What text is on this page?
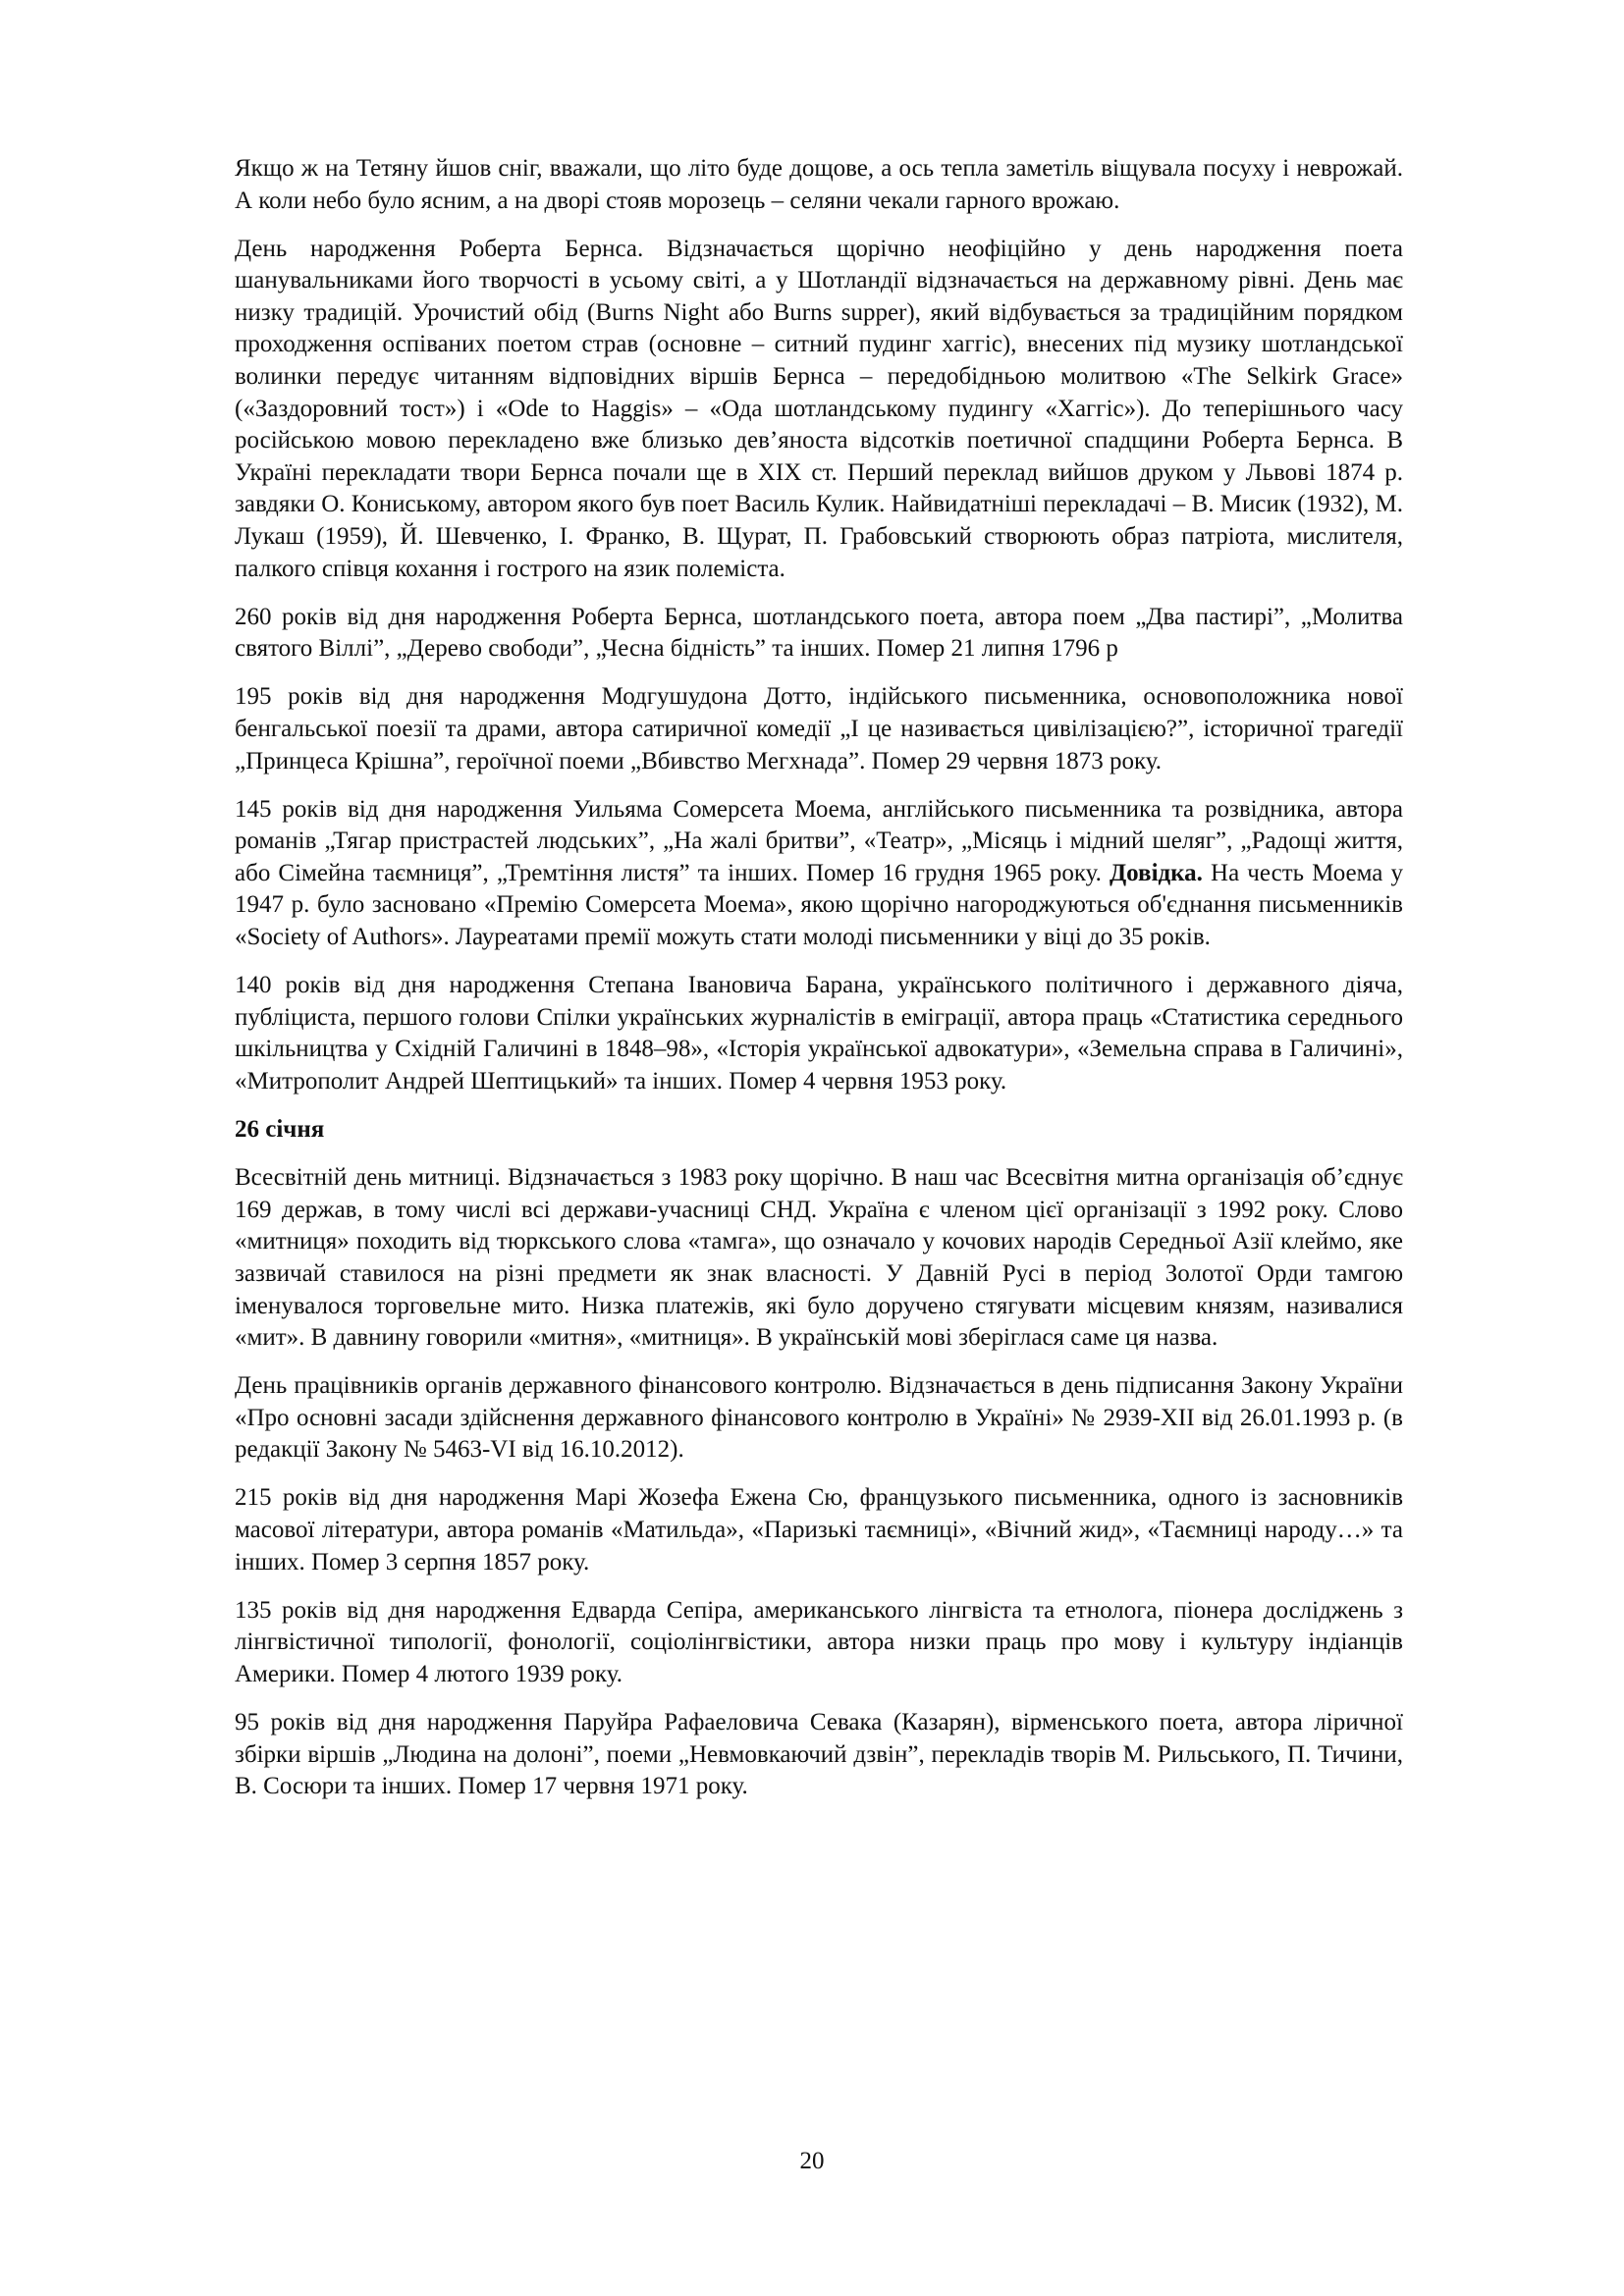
Якщо ж на Тетяну йшов сніг, вважали, що літо буде дощове, а ось тепла заметіль віщувала посуху і неврожай. А коли небо було ясним, а на дворі стояв морозець – селяни чекали гарного врожаю.

День народження Роберта Бернса. Відзначається щорічно неофіційно у день народження поета шанувальниками його творчості в усьому світі, а у Шотландії відзначається на державному рівні. День має низку традицій. Урочистий обід (Burns Night або Burns supper), який відбувається за традиційним порядком проходження оспіваних поетом страв (основне – ситний пудинг хаггіс), внесених під музику шотландської волинки передує читанням відповідних віршів Бернса – передобідньою молитвою «The Selkirk Grace» («Заздоровний тост») і «Ode to Haggis» – «Ода шотландському пудингу «Хаггіс»). До теперішнього часу російською мовою перекладено вже близько дев’яноста відсотків поетичної спадщини Роберта Бернса. В Україні перекладати твори Бернса почали ще в XIX ст. Перший переклад вийшов друком у Львові 1874 р. завдяки О. Кониському, автором якого був поет Василь Кулик. Найвидатніші перекладачі – В. Мисик (1932), М. Лукаш (1959), Й. Шевченко, І. Франко, В. Щурат, П. Грабовський створюють образ патріота, мислителя, палкого співця кохання і гострого на язик полеміста.

260 років від дня народження Роберта Бернса, шотландського поета, автора поем „Два пастирі”, „Молитва святого Віллі”, „Дерево свободи”, „Чесна бідність” та інших. Помер 21 липня 1796 р

195 років від дня народження Модгушудона Дотто, індійського письменника, основоположника нової бенгальської поезії та драми, автора сатиричної комедії „І це називається цивілізацією?”, історичної трагедії „Принцеса Крішна”, героїчної поеми „Вбивство Мегхнада”. Помер 29 червня 1873 року.

145 років від дня народження Уильяма Сомерсета Моема, англійського письменника та розвідника, автора романів „Тягар пристрастей людських”, „На жалі бритви”, «Театр», „Місяць і мідний шеляг”, „Радощі життя, або Сімейна таємниця”, „Тремтіння листя” та інших. Помер 16 грудня 1965 року. Довідка. На честь Моема у 1947 р. було засновано «Премію Сомерсета Моема», якою щорічно нагороджуються об'єднання письменників «Society of Authors». Лауреатами премії можуть стати молоді письменники у віці до 35 років.

140 років від дня народження Степана Івановича Барана, українського політичного і державного діяча, публіциста, першого голови Спілки українських журналістів в еміграції, автора праць «Статистика середнього шкільництва у Східній Галичині в 1848–98», «Історія української адвокатури», «Земельна справа в Галичині», «Митрополит Андрей Шептицький» та інших. Помер 4 червня 1953 року.

26 січня

Всесвітній день митниці. Відзначається з 1983 року щорічно. В наш час Всесвітня митна організація об’єднує 169 держав, в тому числі всі держави-учасниці СНД. Україна є членом цієї організації з 1992 року. Слово «митниця» походить від тюркського слова «тамга», що означало у кочових народів Середньої Азії клеймо, яке зазвичай ставилося на різні предмети як знак власності. У Давній Русі в період Золотої Орди тамгою іменувалося торговельне мито. Низка платежів, які було доручено стягувати місцевим князям, називалися «мит». В давнину говорили «митня», «митниця». В українській мові зберіглася саме ця назва.

День працівників органів державного фінансового контролю. Відзначається в день підписання Закону України «Про основні засади здійснення державного фінансового контролю в Україні» № 2939-XII від 26.01.1993 р. (в редакції Закону № 5463-VI від 16.10.2012).

215 років від дня народження Марі Жозефа Ежена Сю, французького письменника, одного із засновників масової літератури, автора романів «Матильда», «Паризькі таємниці», «Вічний жид», «Таємниці народу…» та інших. Помер 3 серпня 1857 року.

135 років від дня народження Едварда Сепіра, американського лінгвіста та етнолога, піонера досліджень з лінгвістичної типології, фонології, соціолінгвістики, автора низки праць про мову і культуру індіанців Америки. Помер 4 лютого 1939 року.

95 років від дня народження Паруйра Рафаеловича Севака (Казарян), вірменського поета, автора ліричної збірки віршів „Людина на долоні”, поеми „Невмовкаючий дзвін”, перекладів творів М. Рильського, П. Тичини, В. Сосюри та інших. Помер 17 червня 1971 року.

20
